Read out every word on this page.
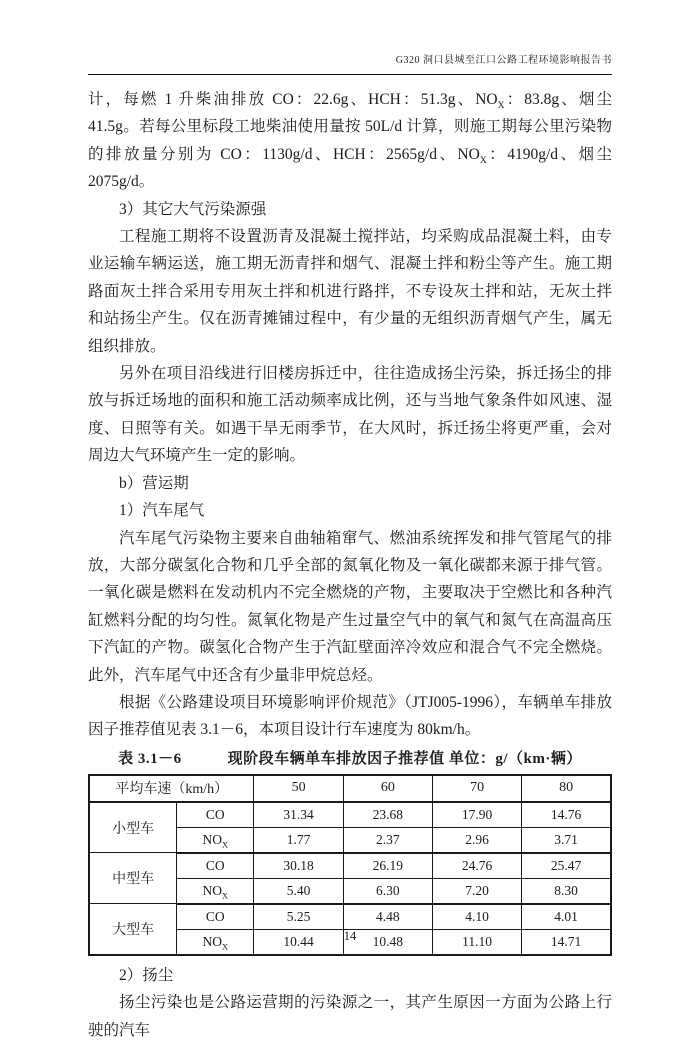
G320 洞口县城至江口公路工程环境影响报告书

计，每燃 1 升柴油排放 CO：22.6g、HCH：51.3g、$NO_X$：83.8g、烟尘 41.5g。若每公里标段工地柴油使用量按 50L/d 计算，则施工期每公里污染物的排放量分别为 CO：1130g/d、HCH：2565g/d、$NO_X$：4190g/d、烟尘 2075g/d。

3）其它大气污染源强

工程施工期将不设置沥青及混凝土搅拌站，均采购成品混凝土料，由专业运输车辆运送，施工期无沥青拌和烟气、混凝土拌和粉尘等产生。施工期路面灰土拌合采用专用灰土拌和机进行路拌，不专设灰土拌和站，无灰土拌和站扬尘产生。仅在沥青摊铺过程中，有少量的无组织沥青烟气产生，属无组织排放。

另外在项目沿线进行旧楼房拆迁中，往往造成扬尘污染，拆迁扬尘的排放与拆迁场地的面积和施工活动频率成比例，还与当地气象条件如风速、湿度、日照等有关。如遇干旱无雨季节，在大风时，拆迁扬尘将更严重，会对周边大气环境产生一定的影响。

b）营运期

1）汽车尾气

汽车尾气污染物主要来自曲轴箱窜气、燃油系统挥发和排气管尾气的排放，大部分碳氢化合物和几乎全部的氮氧化物及一氧化碳都来源于排气管。一氧化碳是燃料在发动机内不完全燃烧的产物，主要取决于空燃比和各种汽缸燃料分配的均匀性。氮氧化物是产生过量空气中的氧气和氮气在高温高压下汽缸的产物。碳氢化合物产生于汽缸壁面淬冷效应和混合气不完全燃烧。此外，汽车尾气中还含有少量非甲烷总烃。

根据《公路建设项目环境影响评价规范》（JTJ005-1996），车辆单车排放因子推荐值见表 3.1－6，本项目设计行车速度为 80km/h。

表 3.1－6	现阶段车辆单车排放因子推荐值 单位：g/（km·辆）
平均车速（km/h）		50	60	70	80
小型车	CO	31.34	23.68	17.90	14.76
	$NO_X$	1.77	2.37	2.96	3.71
中型车	CO	30.18	26.19	24.76	25.47
	$NO_X$	5.40	6.30	7.20	8.30
大型车	CO	5.25	4.48	4.10	4.01
	$NO_X$	10.44	10.48	11.10	14.71

2）扬尘

扬尘污染也是公路运营期的污染源之一，其产生原因一方面为公路上行驶的汽车

14
